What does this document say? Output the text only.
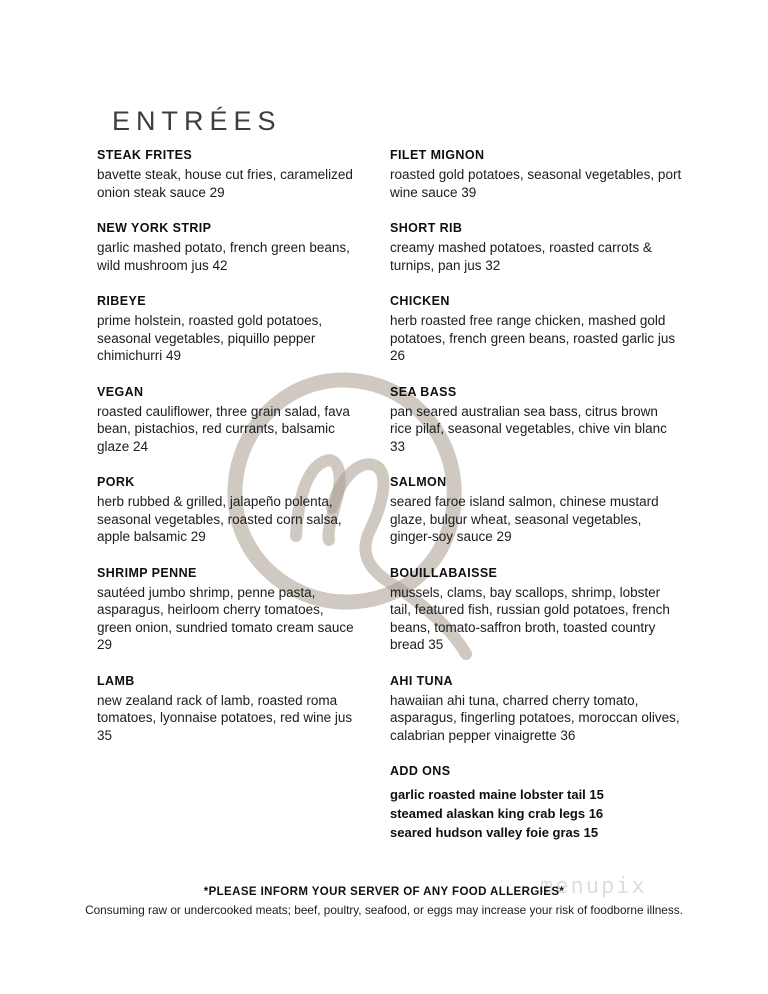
menupix
ENTRÉES
STEAK FRITES
bavette steak, house cut fries, caramelized onion steak sauce 29
NEW YORK STRIP
garlic mashed potato, french green beans, wild mushroom jus 42
RIBEYE
prime holstein, roasted gold potatoes, seasonal vegetables, piquillo pepper chimichurri 49
VEGAN
roasted cauliflower, three grain salad, fava bean, pistachios, red currants, balsamic glaze 24
PORK
herb rubbed & grilled, jalapeño polenta, seasonal vegetables, roasted corn salsa, apple balsamic 29
SHRIMP PENNE
sautéed jumbo shrimp, penne pasta, asparagus, heirloom cherry tomatoes, green onion, sundried tomato cream sauce 29
LAMB
new zealand rack of lamb, roasted roma tomatoes, lyonnaise potatoes, red wine jus 35
FILET MIGNON
roasted gold potatoes, seasonal vegetables, port wine sauce 39
SHORT RIB
creamy mashed potatoes, roasted carrots & turnips, pan jus 32
CHICKEN
herb roasted free range chicken, mashed gold potatoes, french green beans, roasted garlic jus 26
SEA BASS
pan seared australian sea bass, citrus brown rice pilaf, seasonal vegetables, chive vin blanc 33
SALMON
seared faroe island salmon, chinese mustard glaze, bulgur wheat, seasonal vegetables, ginger-soy sauce 29
BOUILLABAISSE
mussels, clams, bay scallops, shrimp, lobster tail, featured fish, russian gold potatoes, french beans, tomato-saffron broth, toasted country bread 35
AHI TUNA
hawaiian ahi tuna, charred cherry tomato, asparagus, fingerling potatoes, moroccan olives, calabrian pepper vinaigrette 36
ADD ONS
garlic roasted maine lobster tail 15
steamed alaskan king crab legs 16
seared hudson valley foie gras 15
*PLEASE INFORM YOUR SERVER OF ANY FOOD ALLERGIES*
Consuming raw or undercooked meats; beef, poultry, seafood, or eggs may increase your risk of foodborne illness.
